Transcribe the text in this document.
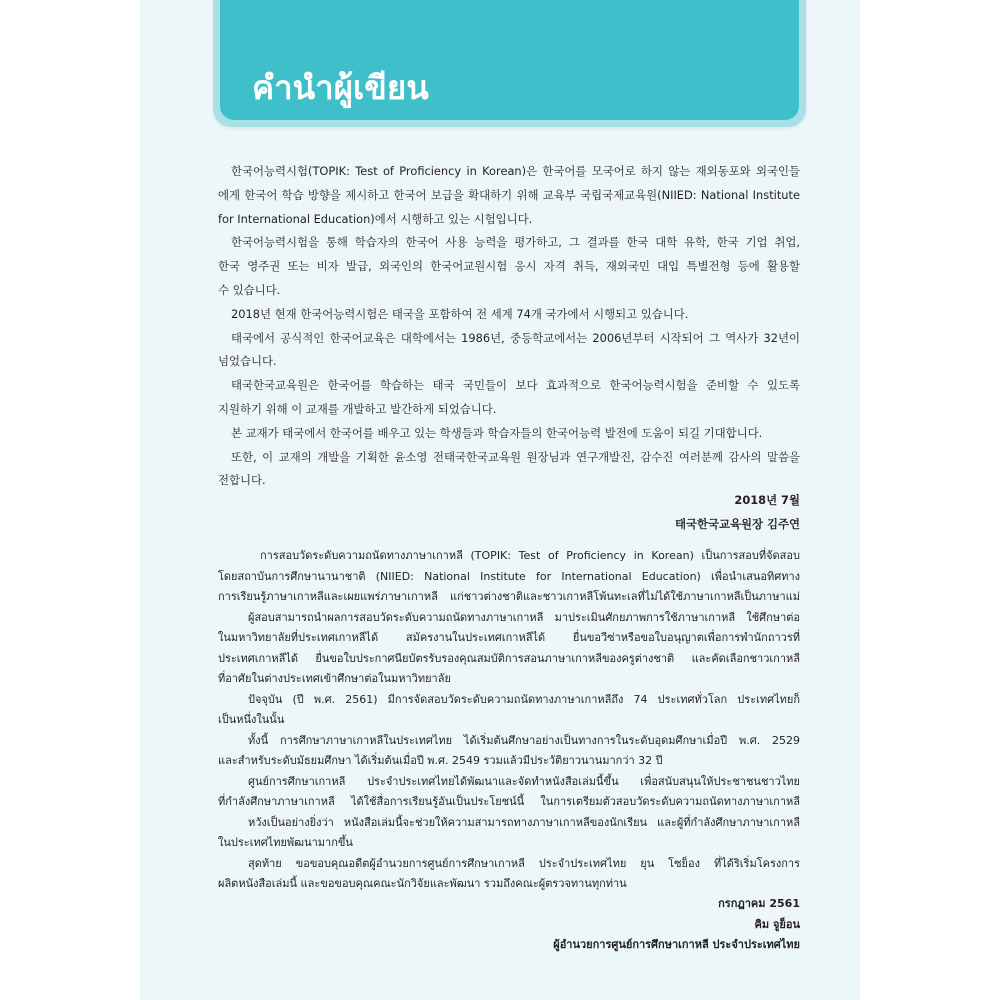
คำนำผู้เขียน
한국어능력시험(TOPIK: Test of Proficiency in Korean)은 한국어를 모국어로 하지 않는 재외동포와 외국인들
에게 한국어 학습 방향을 제시하고 한국어 보급을 확대하기 위해 교육부 국립국제교육원(NIIED: National Institute
for International Education)에서 시행하고 있는 시험입니다.
한국어능력시험을 통해 학습자의 한국어 사용 능력을 평가하고, 그 결과를 한국 대학 유학, 한국 기업 취업,
한국 영주권 또는 비자 발급, 외국인의 한국어교원시험 응시 자격 취득, 재외국민 대입 특별전형 등에 활용할
수 있습니다.
2018년 현재 한국어능력시험은 태국을 포함하여 전 세계 74개 국가에서 시행되고 있습니다.
태국에서 공식적인 한국어교육은 대학에서는 1986년, 중등학교에서는 2006년부터 시작되어 그 역사가 32년이
넘었습니다.
태국한국교육원은 한국어를 학습하는 태국 국민들이 보다 효과적으로 한국어능력시험을 준비할 수 있도록
지원하기 위해 이 교재를 개발하고 발간하게 되었습니다.
본 교재가 태국에서 한국어를 배우고 있는 학생들과 학습자들의 한국어능력 발전에 도움이 되길 기대합니다.
또한, 이 교재의 개발을 기획한 윤소영 전태국한국교육원 원장님과 연구개발진, 감수진 여러분께 감사의 말씀을
전합니다.
2018년 7월
태국한국교육원장 김주연
การสอบวัดระดับความถนัดทางภาษาเกาหลี (TOPIK: Test of Proficiency in Korean) เป็นการสอบที่จัดสอบ
โดยสถาบันการศึกษานานาชาติ (NIIED: National Institute for International Education) เพื่อนำเสนอทิศทาง
การเรียนรู้ภาษาเกาหลีและเผยแพร่ภาษาเกาหลี แก่ชาวต่างชาติและชาวเกาหลีโพ้นทะเลที่ไม่ได้ใช้ภาษาเกาหลีเป็นภาษาแม่
ผู้สอบสามารถนำผลการสอบวัดระดับความถนัดทางภาษาเกาหลี มาประเมินศักยภาพการใช้ภาษาเกาหลี ใช้ศึกษาต่อ
ในมหาวิทยาลัยที่ประเทศเกาหลีได้ สมัครงานในประเทศเกาหลีได้ ยื่นขอวีซ่าหรือขอใบอนุญาตเพื่อการพำนักถาวรที่
ประเทศเกาหลีได้ ยื่นขอใบประกาศนียบัตรรับรองคุณสมบัติการสอนภาษาเกาหลีของครูต่างชาติ และคัดเลือกชาวเกาหลี
ที่อาศัยในต่างประเทศเข้าศึกษาต่อในมหาวิทยาลัย
ปัจจุบัน (ปี พ.ศ. 2561) มีการจัดสอบวัดระดับความถนัดทางภาษาเกาหลีถึง 74 ประเทศทั่วโลก ประเทศไทยก็
เป็นหนึ่งในนั้น
ทั้งนี้ การศึกษาภาษาเกาหลีในประเทศไทย ได้เริ่มต้นศึกษาอย่างเป็นทางการในระดับอุดมศึกษาเมื่อปี พ.ศ. 2529
และสำหรับระดับมัธยมศึกษา ได้เริ่มต้นเมื่อปี พ.ศ. 2549 รวมแล้วมีประวัติยาวนานมากว่า 32 ปี
ศูนย์การศึกษาเกาหลี ประจำประเทศไทยได้พัฒนาและจัดทำหนังสือเล่มนี้ขึ้น เพื่อสนับสนุนให้ประชาชนชาวไทย
ที่กำลังศึกษาภาษาเกาหลี ได้ใช้สื่อการเรียนรู้อันเป็นประโยชน์นี้ ในการเตรียมตัวสอบวัดระดับความถนัดทางภาษาเกาหลี
หวังเป็นอย่างยิ่งว่า หนังสือเล่มนี้จะช่วยให้ความสามารถทางภาษาเกาหลีของนักเรียน และผู้ที่กำลังศึกษาภาษาเกาหลี
ในประเทศไทยพัฒนามากขึ้น
สุดท้าย ขอขอบคุณอดีตผู้อำนวยการศูนย์การศึกษาเกาหลี ประจำประเทศไทย ยุน โซย็อง ที่ได้ริเริ่มโครงการ
ผลิตหนังสือเล่มนี้ และขอขอบคุณคณะนักวิจัยและพัฒนา รวมถึงคณะผู้ตรวจทานทุกท่าน
กรกฎาคม 2561
คิม จูย็อน
ผู้อำนวยการศูนย์การศึกษาเกาหลี ประจำประเทศไทย
